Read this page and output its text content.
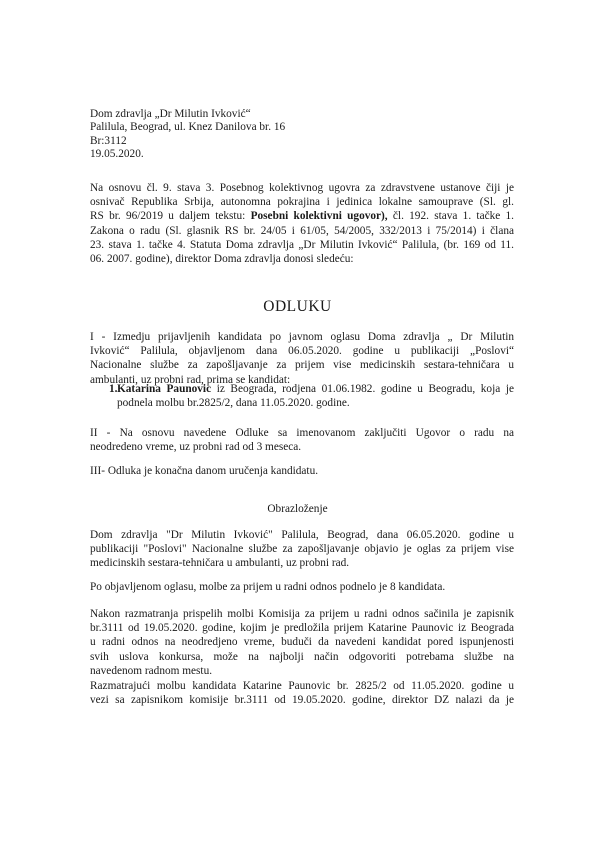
Dom zdravlja „Dr Milutin Ivković“
Palilula, Beograd, ul. Knez Danilova br. 16
Br:3112
19.05.2020.
Na osnovu čl. 9. stava 3. Posebnog kolektivnog ugovra za zdravstvene ustanove čiji je
osnivač Republika Srbija, autonomna pokrajina i jedinica lokalne samouprave (Sl. gl.
RS br. 96/2019 u daljem tekstu: Posebni kolektivni ugovor), čl. 192. stava 1. tačke 1.
Zakona o radu (Sl. glasnik RS br. 24/05 i 61/05, 54/2005, 332/2013 i 75/2014) i člana
23. stava 1. tačke 4. Statuta Doma zdravlja „Dr Milutin Ivković“ Palilula, (br. 169 od 11.
06. 2007. godine), direktor Doma zdravlja donosi sledeću:
ODLUKU
I - Izmedju prijavljenih kandidata po javnom oglasu Doma zdravlja „ Dr Milutin
Ivković“ Palilula, objavljenom dana 06.05.2020. godine u publikaciji „Poslovi“
Nacionalne službe za zapošljavanje za prijem vise medicinskih sestara-tehničara u
ambulanti, uz probni rad, prima se kandidat:
1. Katarina Paunovic iz Beograda, rodjena 01.06.1982. godine u Beogradu, koja je
podnela molbu br.2825/2, dana 11.05.2020. godine.
II - Na osnovu navedene Odluke sa imenovanom zaključiti Ugovor o radu na
neodredeno vreme, uz probni rad od 3 meseca.
III- Odluka je konačna danom uručenja kandidatu.
Obrazloženje
Dom zdravlja "Dr Milutin Ivković" Palilula, Beograd, dana 06.05.2020. godine u
publikaciji "Poslovi" Nacionalne službe za zapošljavanje objavio je oglas za prijem vise
medicinskih sestara-tehničara u ambulanti, uz probni rad.
Po objavljenom oglasu, molbe za prijem u radni odnos podnelo je 8 kandidata.
Nakon razmatranja prispelih molbi Komisija za prijem u radni odnos sačinila je zapisnik
br.3111 od 19.05.2020. godine, kojim je predložila prijem Katarine Paunovic iz Beograda
u radni odnos na neodredjeno vreme, buduči da navedeni kandidat pored ispunjenosti
svih uslova konkursa, može na najbolji način odgovoriti potrebama službe na
navedenom radnom mestu.
Razmatrajući molbu kandidata Katarine Paunovic br. 2825/2 od 11.05.2020. godine u
vezi sa zapisnikom komisije br.3111 od 19.05.2020. godine, direktor DZ nalazi da je
